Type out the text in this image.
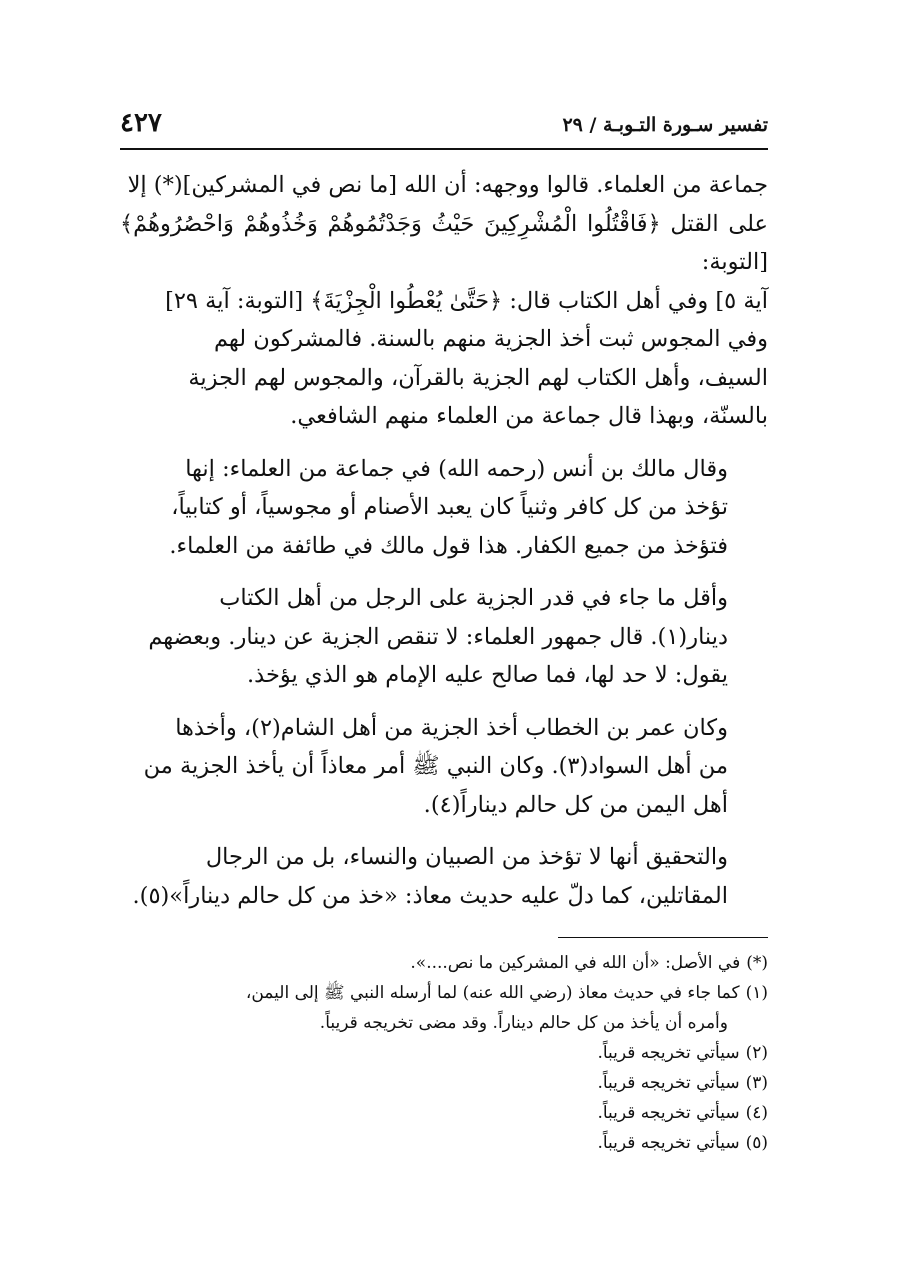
تفسير سـورة التـوبـة / ٢٩
٤٢٧

جماعة من العلماء. قالوا ووجهه: أن الله [ما نص في المشركين](*) إلا
على القتل ﴿فَاقْتُلُوا الْمُشْرِكِينَ حَيْثُ وَجَدْتُمُوهُمْ وَخُذُوهُمْ وَاحْصُرُوهُمْ﴾ [التوبة:
آية ٥] وفي أهل الكتاب قال: ﴿حَتَّىٰ يُعْطُوا الْجِزْيَةَ﴾ [التوبة: آية ٢٩]
وفي المجوس ثبت أخذ الجزية منهم بالسنة. فالمشركون لهم
السيف، وأهل الكتاب لهم الجزية بالقرآن، والمجوس لهم الجزية
بالسنّة، وبهذا قال جماعة من العلماء منهم الشافعي.

وقال مالك بن أنس (رحمه الله) في جماعة من العلماء: إنها
تؤخذ من كل كافر وثنياً كان يعبد الأصنام أو مجوسياً، أو كتابياً،
فتؤخذ من جميع الكفار. هذا قول مالك في طائفة من العلماء.

وأقل ما جاء في قدر الجزية على الرجل من أهل الكتاب
دينار(١). قال جمهور العلماء: لا تنقص الجزية عن دينار. وبعضهم
يقول: لا حد لها، فما صالح عليه الإمام هو الذي يؤخذ.

وكان عمر بن الخطاب أخذ الجزية من أهل الشام(٢)، وأخذها
من أهل السواد(٣). وكان النبي ﷺ أمر معاذاً أن يأخذ الجزية من
أهل اليمن من كل حالم ديناراً(٤).

والتحقيق أنها لا تؤخذ من الصبيان والنساء، بل من الرجال
المقاتلين، كما دلّ عليه حديث معاذ: «خذ من كل حالم ديناراً»(٥).

(*)في الأصل: «أن الله في المشركين ما نص....».
(١)كما جاء في حديث معاذ (رضي الله عنه) لما أرسله النبي ﷺ إلى اليمن،
وأمره أن يأخذ من كل حالم ديناراً. وقد مضى تخريجه قريباً.
(٢)سيأتي تخريجه قريباً.
(٣)سيأتي تخريجه قريباً.
(٤)سيأتي تخريجه قريباً.
(٥)سيأتي تخريجه قريباً.
